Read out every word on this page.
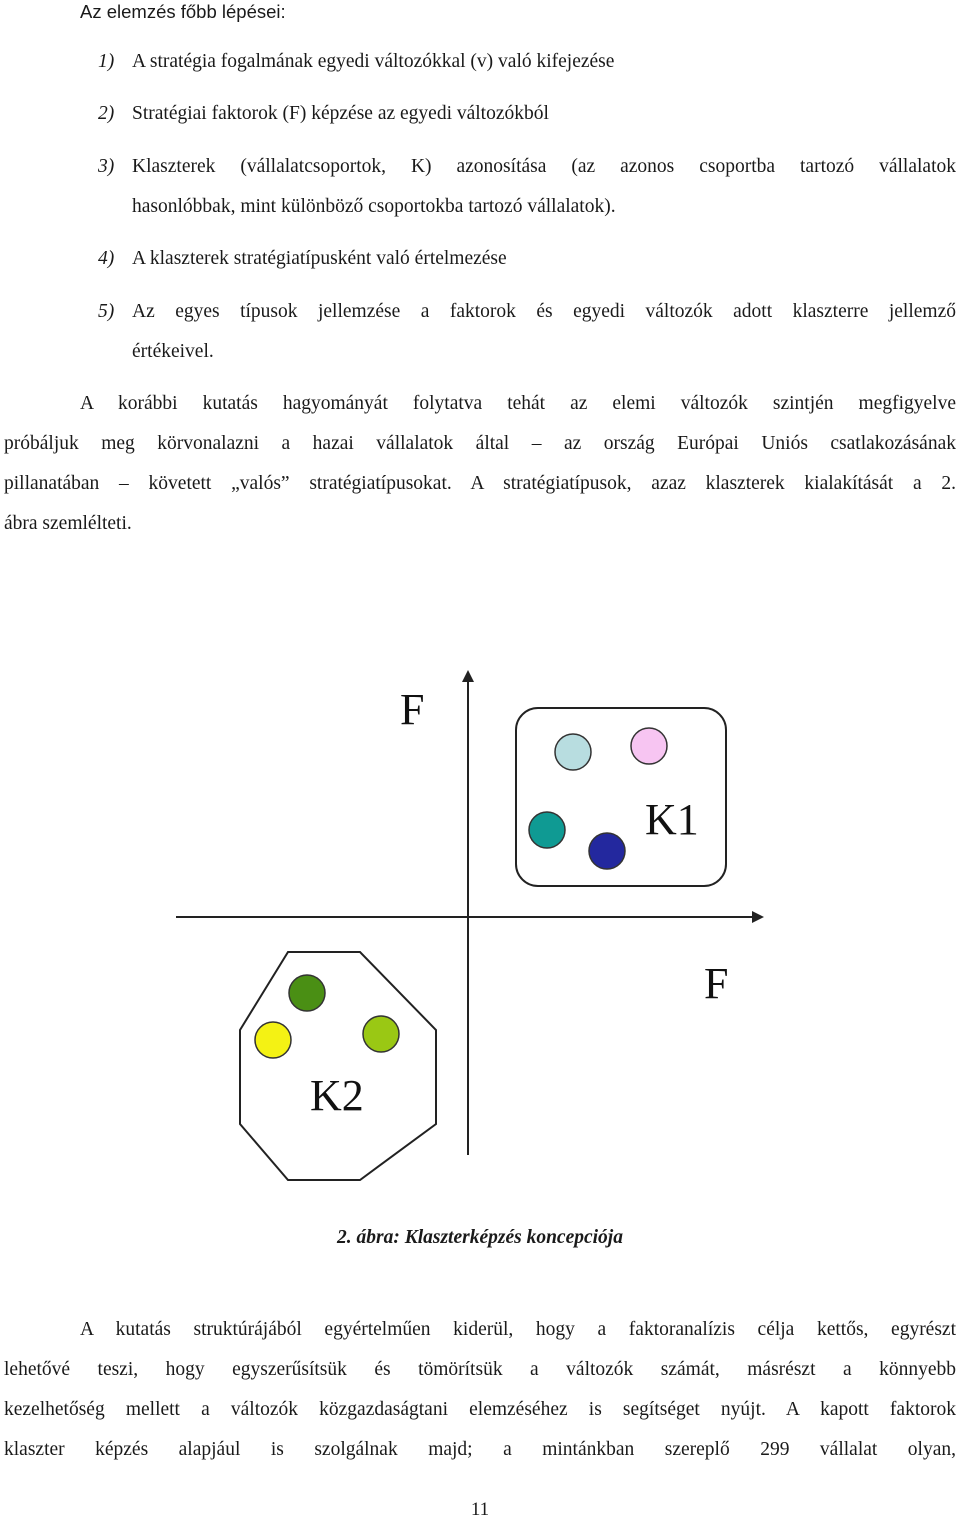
Az elemzés főbb lépései:
1) A stratégia fogalmának egyedi változókkal (v) való kifejezése
2) Stratégiai faktorok (F) képzése az egyedi változókból
3) Klaszterek (vállalatcsoportok, K) azonosítása (az azonos csoportba tartozó vállalatok
hasonlóbbak, mint különböző csoportokba tartozó vállalatok).
4) A klaszterek stratégiatípusként való értelmezése
5) Az egyes típusok jellemzése a faktorok és egyedi változók adott klaszterre jellemző
értékeivel.
A korábbi kutatás hagyományát folytatva tehát az elemi változók szintjén megfigyelve
próbáljuk meg körvonalazni a hazai vállalatok által – az ország Európai Uniós csatlakozásának
pillanatában – követett „valós” stratégiatípusokat. A stratégiatípusok, azaz klaszterek kialakítását a 2.
ábra szemlélteti.
F
F
K1
K2
2. ábra: Klaszterképzés koncepciója
A kutatás struktúrájából egyértelműen kiderül, hogy a faktoranalízis célja kettős, egyrészt
lehetővé teszi, hogy egyszerűsítsük és tömörítsük a változók számát, másrészt a könnyebb
kezelhetőség mellett a változók közgazdaságtani elemzéséhez is segítséget nyújt. A kapott faktorok
klaszter képzés alapjául is szolgálnak majd; a mintánkban szereplő 299 vállalat olyan,
11
